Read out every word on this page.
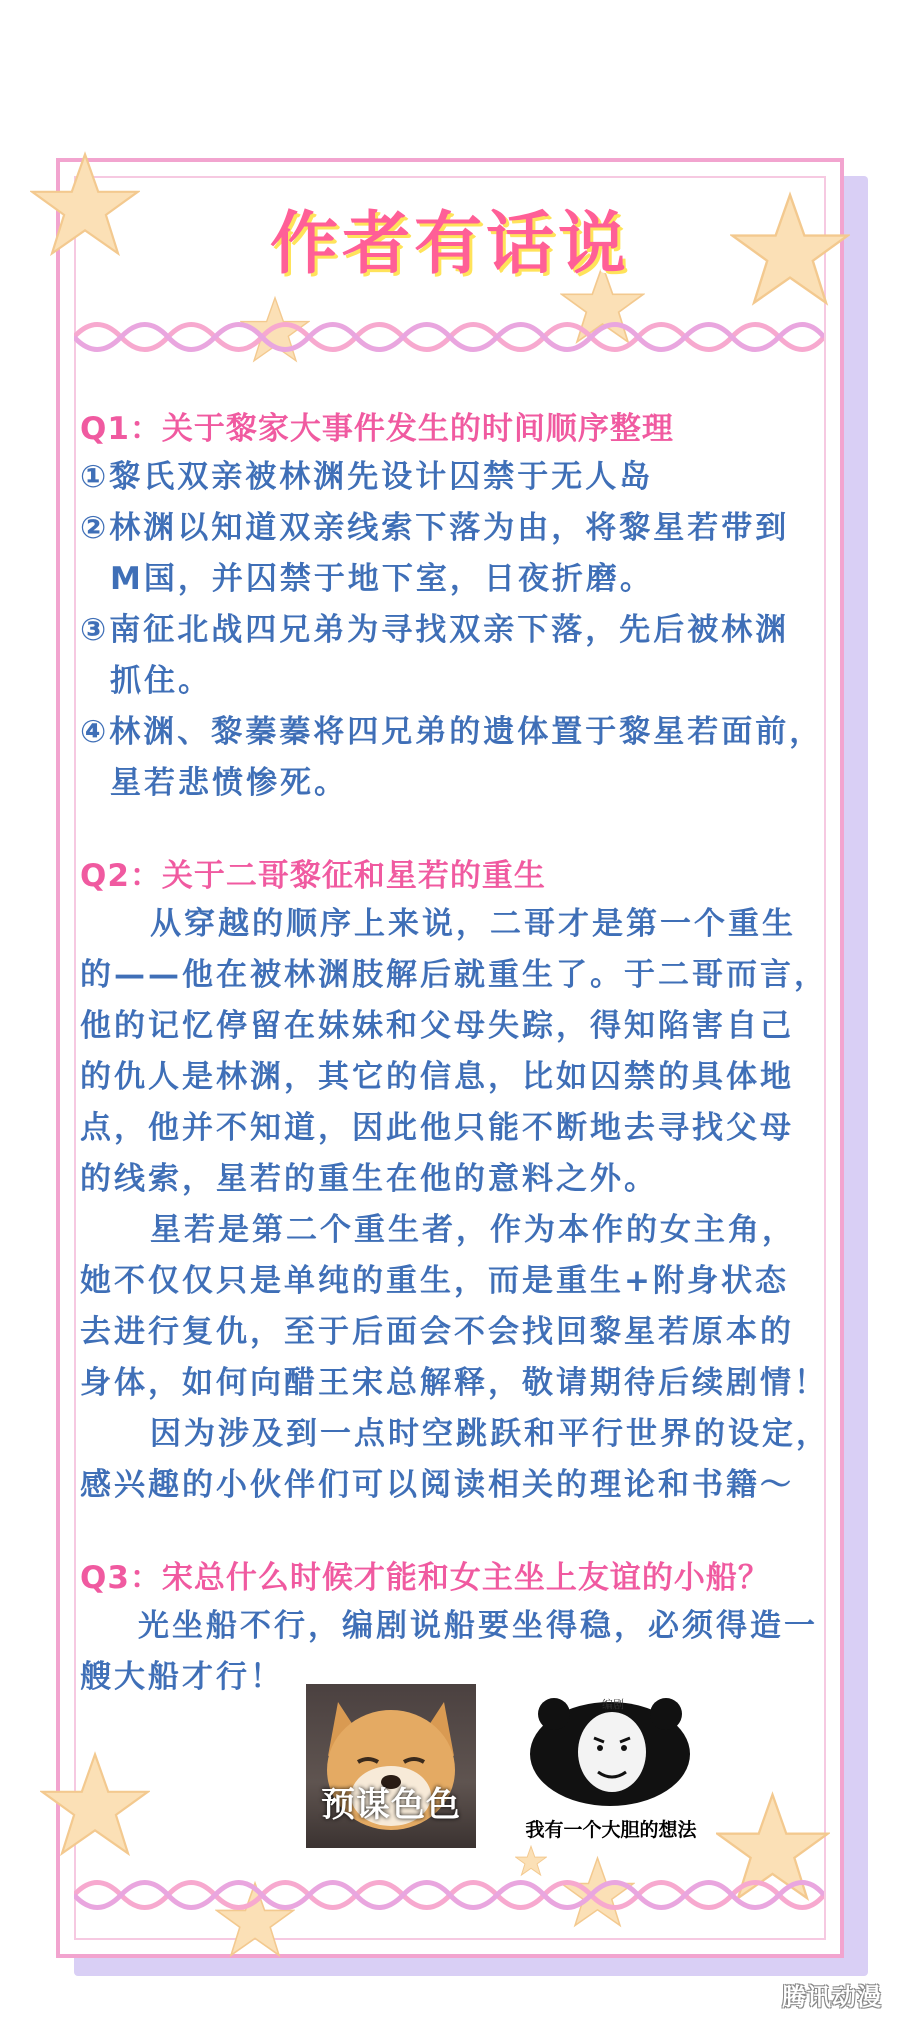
作者有话说

Q1：关于黎家大事件发生的时间顺序整理

①黎氏双亲被林渊先设计囚禁于无人岛

②林渊以知道双亲线索下落为由，将黎星若带到

M国，并囚禁于地下室，日夜折磨。

③南征北战四兄弟为寻找双亲下落，先后被林渊

抓住。

④林渊、黎蓁蓁将四兄弟的遗体置于黎星若面前，

星若悲愤惨死。

Q2：关于二哥黎征和星若的重生

从穿越的顺序上来说，二哥才是第一个重生

的——他在被林渊肢解后就重生了。于二哥而言，

他的记忆停留在妹妹和父母失踪，得知陷害自己

的仇人是林渊，其它的信息，比如囚禁的具体地

点，他并不知道，因此他只能不断地去寻找父母

的线索，星若的重生在他的意料之外。

星若是第二个重生者，作为本作的女主角，

她不仅仅只是单纯的重生，而是重生+附身状态

去进行复仇，至于后面会不会找回黎星若原本的

身体，如何向醋王宋总解释，敬请期待后续剧情！

因为涉及到一点时空跳跃和平行世界的设定，

感兴趣的小伙伴们可以阅读相关的理论和书籍～

Q3：宋总什么时候才能和女主坐上友谊的小船？

光坐船不行，编剧说船要坐得稳，必须得造一

艘大船才行！

预谋色色
编剧
我有一个大胆的想法
腾讯动漫
